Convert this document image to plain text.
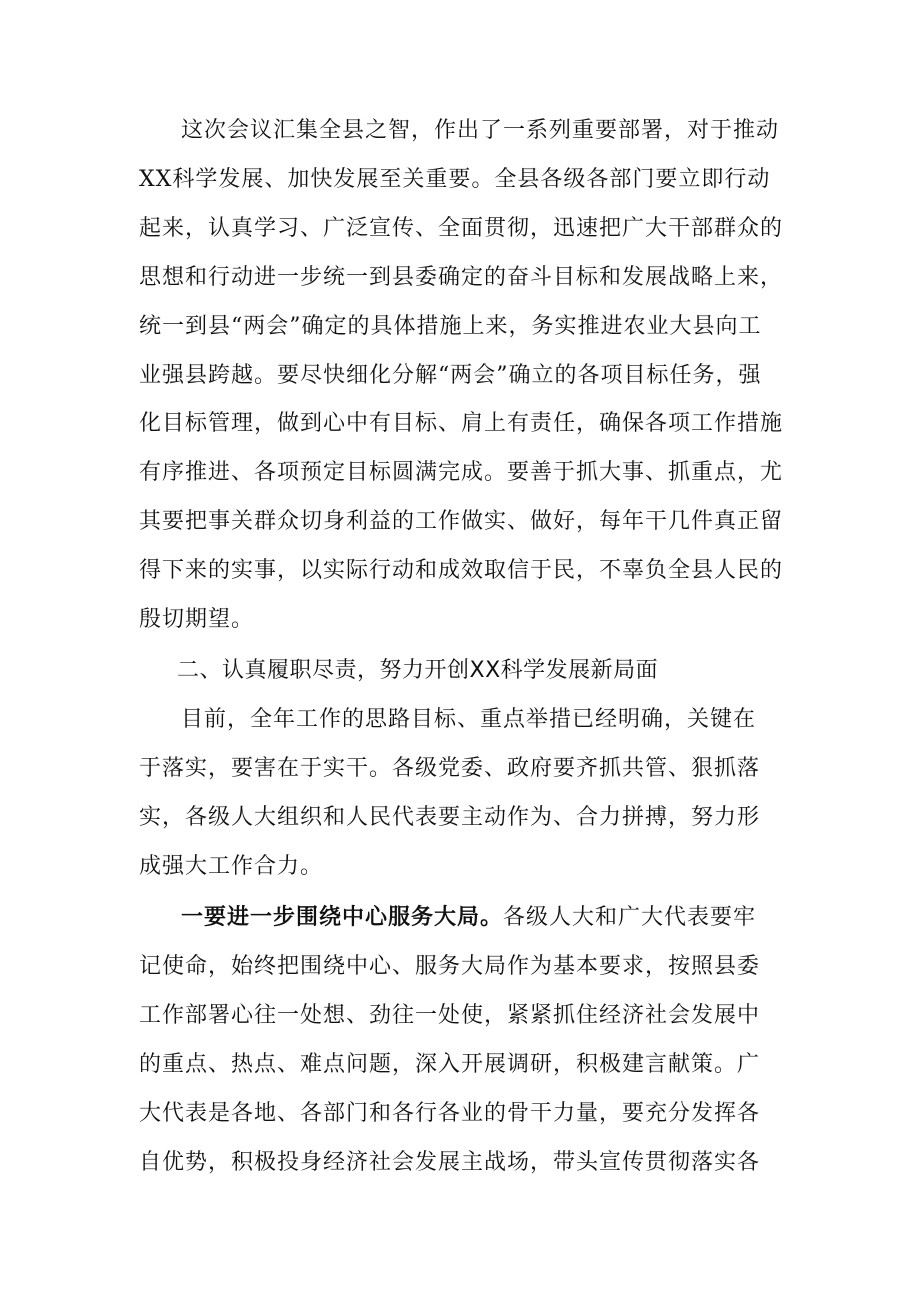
这次会议汇集全县之智，作出了一系列重要部署，对于推动
XX科学发展、加快发展至关重要。全县各级各部门要立即行动
起来，认真学习、广泛宣传、全面贯彻，迅速把广大干部群众的
思想和行动进一步统一到县委确定的奋斗目标和发展战略上来，
统一到县“两会”确定的具体措施上来，务实推进农业大县向工
业强县跨越。要尽快细化分解“两会”确立的各项目标任务，强
化目标管理，做到心中有目标、肩上有责任，确保各项工作措施
有序推进、各项预定目标圆满完成。要善于抓大事、抓重点，尤
其要把事关群众切身利益的工作做实、做好，每年干几件真正留
得下来的实事，以实际行动和成效取信于民，不辜负全县人民的
殷切期望。
二、认真履职尽责，努力开创XX科学发展新局面
目前，全年工作的思路目标、重点举措已经明确，关键在
于落实，要害在于实干。各级党委、政府要齐抓共管、狠抓落
实，各级人大组织和人民代表要主动作为、合力拼搏，努力形
成强大工作合力。
一要进一步围绕中心服务大局。各级人大和广大代表要牢
记使命，始终把围绕中心、服务大局作为基本要求，按照县委
工作部署心往一处想、劲往一处使，紧紧抓住经济社会发展中
的重点、热点、难点问题，深入开展调研，积极建言献策。广
大代表是各地、各部门和各行各业的骨干力量，要充分发挥各
自优势，积极投身经济社会发展主战场，带头宣传贯彻落实各
